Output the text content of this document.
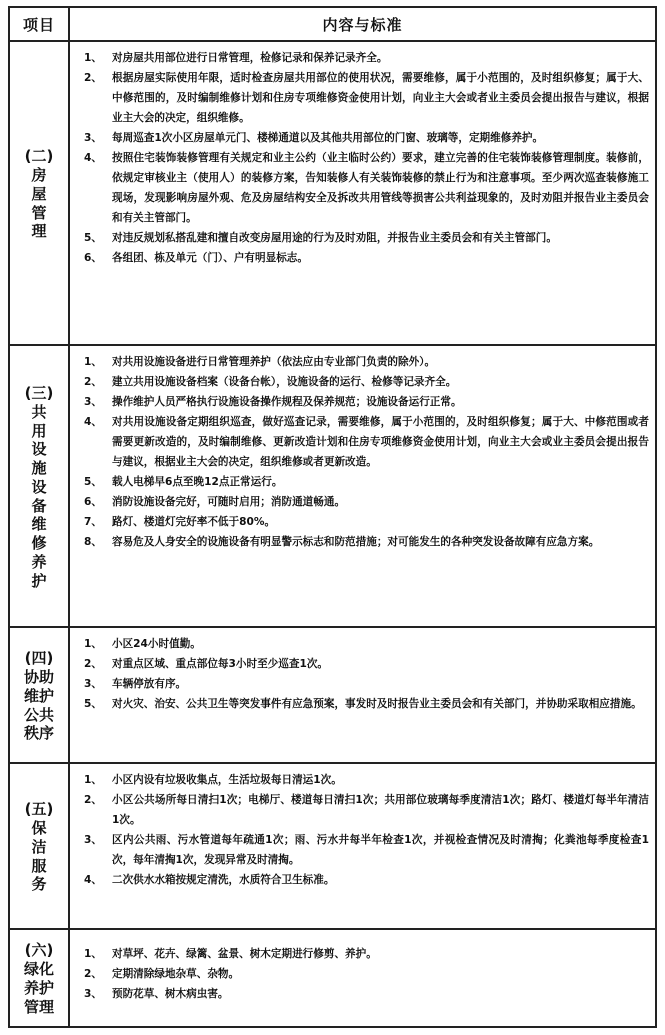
项目	内容与标准
(二)
房
屋
管
理
1、 对房屋共用部位进行日常管理，检修记录和保养记录齐全。
2、 根据房屋实际使用年限，适时检查房屋共用部位的使用状况，需要维修，属于小范围的，及时组织修复；属于大、中修范围的，及时编制维修计划和住房专项维修资金使用计划，向业主大会或者业主委员会提出报告与建议，根据业主大会的决定，组织维修。
3、 每周巡查1次小区房屋单元门、楼梯通道以及其他共用部位的门窗、玻璃等，定期维修养护。
4、 按照住宅装饰装修管理有关规定和业主公约（业主临时公约）要求，建立完善的住宅装饰装修管理制度。装修前，依规定审核业主（使用人）的装修方案，告知装修人有关装饰装修的禁止行为和注意事项。至少两次巡查装修施工现场，发现影响房屋外观、危及房屋结构安全及拆改共用管线等损害公共利益现象的，及时劝阻并报告业主委员会和有关主管部门。
5、 对违反规划私搭乱建和擅自改变房屋用途的行为及时劝阻，并报告业主委员会和有关主管部门。
6、 各组团、栋及单元（门）、户有明显标志。
(三)
共
用
设
施
设
备
维
修
养
护
1、 对共用设施设备进行日常管理养护（依法应由专业部门负责的除外）。
2、 建立共用设施设备档案（设备台帐），设施设备的运行、检修等记录齐全。
3、 操作维护人员严格执行设施设备操作规程及保养规范；设施设备运行正常。
4、 对共用设施设备定期组织巡查，做好巡查记录，需要维修，属于小范围的，及时组织修复；属于大、中修范围或者需要更新改造的，及时编制维修、更新改造计划和住房专项维修资金使用计划，向业主大会或业主委员会提出报告与建议，根据业主大会的决定，组织维修或者更新改造。
5、 载人电梯早6点至晚12点正常运行。
6、 消防设施设备完好，可随时启用；消防通道畅通。
7、 路灯、楼道灯完好率不低于80%。
8、 容易危及人身安全的设施设备有明显警示标志和防范措施；对可能发生的各种突发设备故障有应急方案。
(四)
协助
维护
公共
秩序
1、 小区24小时值勤。
2、 对重点区域、重点部位每3小时至少巡查1次。
3、 车辆停放有序。
5、 对火灾、治安、公共卫生等突发事件有应急预案，事发时及时报告业主委员会和有关部门，并协助采取相应措施。
(五)
保
洁
服
务
1、 小区内设有垃圾收集点，生活垃圾每日清运1次。
2、 小区公共场所每日清扫1次；电梯厅、楼道每日清扫1次；共用部位玻璃每季度清洁1次；路灯、楼道灯每半年清洁1次。
3、 区内公共雨、污水管道每年疏通1次；雨、污水井每半年检查1次，并视检查情况及时清掏；化粪池每季度检查1次，每年清掏1次，发现异常及时清掏。
4、 二次供水水箱按规定清洗，水质符合卫生标准。
(六)
绿化
养护
管理
1、 对草坪、花卉、绿篱、盆景、树木定期进行修剪、养护。
2、 定期清除绿地杂草、杂物。
3、 预防花草、树木病虫害。
